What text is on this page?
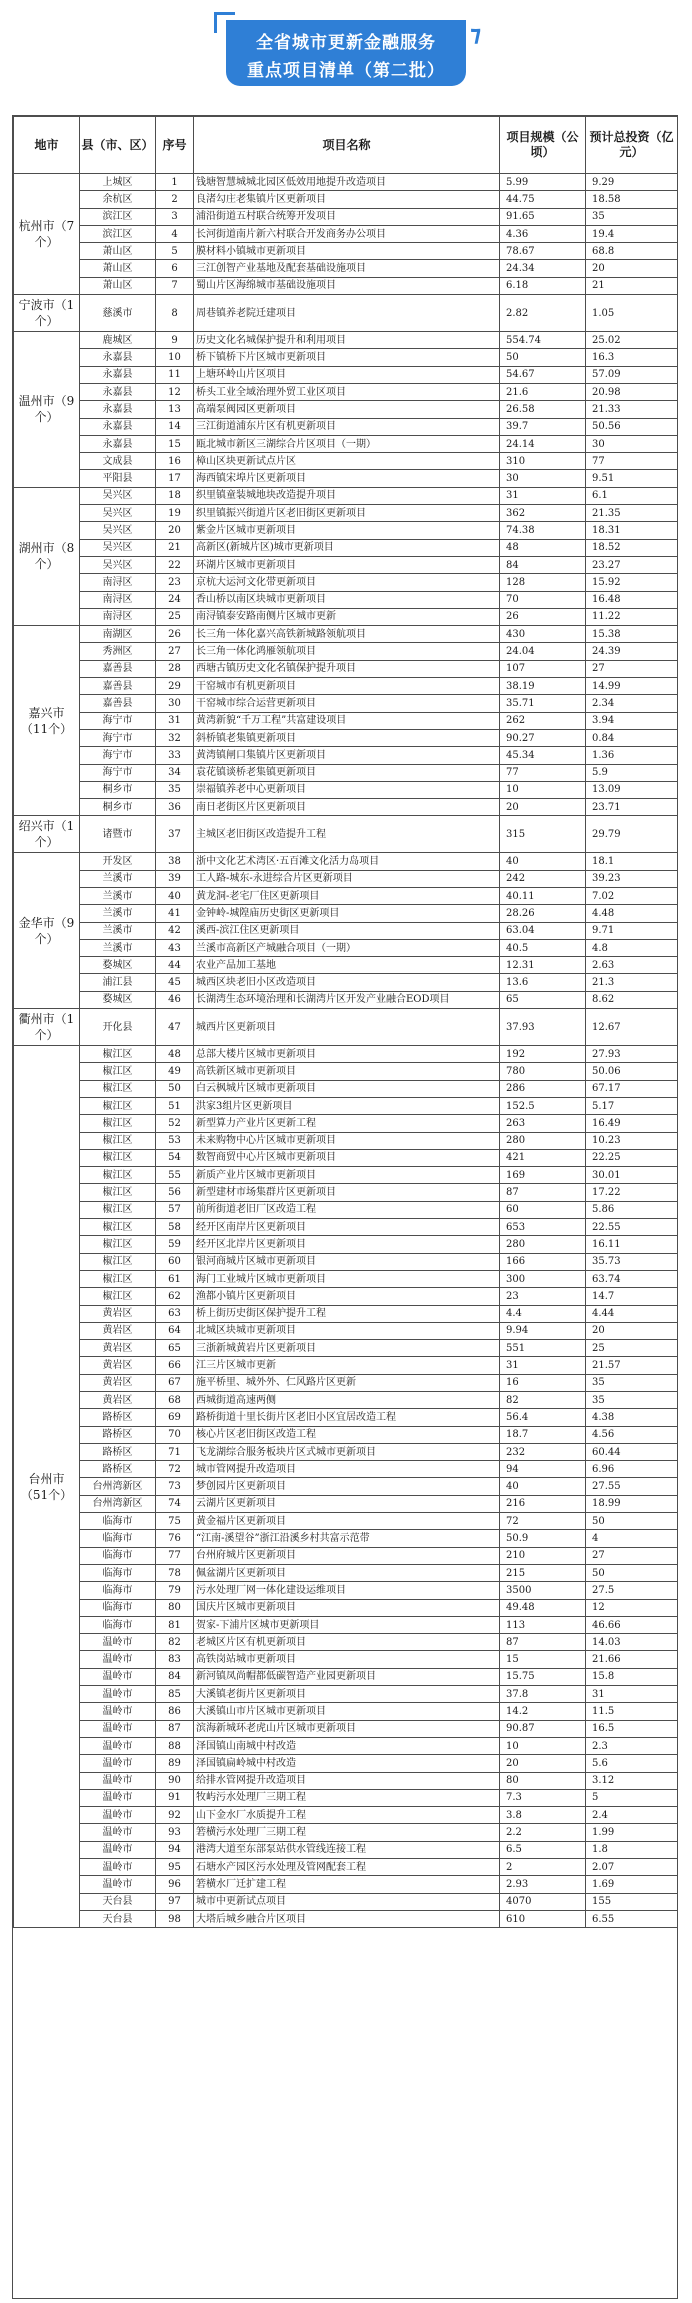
全省城市更新金融服务
重点项目清单（第二批）
⁊
地市	县（市、区）	序号	项目名称	项目规模（公顷）	预计总投资（亿元）
杭州市（7个）	上城区	1	钱塘智慧城城北园区低效用地提升改造项目	5.99	9.29
	余杭区	2	良渚勾庄老集镇片区更新项目	44.75	18.58
	滨江区	3	浦沿街道五村联合统筹开发项目	91.65	35
	滨江区	4	长河街道南片新六村联合开发商务办公项目	4.36	19.4
	萧山区	5	膜材料小镇城市更新项目	78.67	68.8
	萧山区	6	三江创智产业基地及配套基础设施项目	24.34	20
	萧山区	7	蜀山片区海绵城市基础设施项目	6.18	21
宁波市（1个）	慈溪市	8	周巷镇养老院迁建项目	2.82	1.05
温州市（9个）	鹿城区	9	历史文化名城保护提升和利用项目	554.74	25.02
	永嘉县	10	桥下镇桥下片区城市更新项目	50	16.3
	永嘉县	11	上塘环岭山片区项目	54.67	57.09
	永嘉县	12	桥头工业全域治理外贸工业区项目	21.6	20.98
	永嘉县	13	高端泵阀园区更新项目	26.58	21.33
	永嘉县	14	三江街道浦东片区有机更新项目	39.7	50.56
	永嘉县	15	瓯北城市新区三湖综合片区项目（一期）	24.14	30
	文成县	16	樟山区块更新试点片区	310	77
	平阳县	17	海西镇宋埠片区更新项目	30	9.51
湖州市（8个）	吴兴区	18	织里镇童装城地块改造提升项目	31	6.1
	吴兴区	19	织里镇振兴街道片区老旧街区更新项目	362	21.35
	吴兴区	20	紫金片区城市更新项目	74.38	18.31
	吴兴区	21	高新区(新城片区)城市更新项目	48	18.52
	吴兴区	22	环湖片区城市更新项目	84	23.27
	南浔区	23	京杭大运河文化带更新项目	128	15.92
	南浔区	24	香山桥以南区块城市更新项目	70	16.48
	南浔区	25	南浔镇泰安路南侧片区城市更新	26	11.22
嘉兴市（11个）	南湖区	26	长三角一体化嘉兴高铁新城路领航项目	430	15.38
	秀洲区	27	长三角一体化鸿雁领航项目	24.04	24.39
	嘉善县	28	西塘古镇历史文化名镇保护提升项目	107	27
	嘉善县	29	干窑城市有机更新项目	38.19	14.99
	嘉善县	30	干窑城市综合运营更新项目	35.71	2.34
	海宁市	31	黄湾新貌“千万工程”共富建设项目	262	3.94
	海宁市	32	斜桥镇老集镇更新项目	90.27	0.84
	海宁市	33	黄湾镇闸口集镇片区更新项目	45.34	1.36
	海宁市	34	袁花镇谈桥老集镇更新项目	77	5.9
	桐乡市	35	崇福镇养老中心更新项目	10	13.09
	桐乡市	36	南日老街区片区更新项目	20	23.71
绍兴市（1个）	诸暨市	37	主城区老旧街区改造提升工程	315	29.79
金华市（9个）	开发区	38	浙中文化艺术湾区·五百滩文化活力岛项目	40	18.1
	兰溪市	39	工人路-城东-永进综合片区更新项目	242	39.23
	兰溪市	40	黄龙洞-老宅厂住区更新项目	40.11	7.02
	兰溪市	41	金钟岭-城隍庙历史街区更新项目	28.26	4.48
	兰溪市	42	溪西-滨江住区更新项目	63.04	9.71
	兰溪市	43	兰溪市高新区产城融合项目（一期）	40.5	4.8
	婺城区	44	农业产品加工基地	12.31	2.63
	浦江县	45	城西区块老旧小区改造项目	13.6	21.3
	婺城区	46	长湖湾生态环境治理和长湖湾片区开发产业融合EOD项目	65	8.62
衢州市（1个）	开化县	47	城西片区更新项目	37.93	12.67
台州市（51个）	椒江区	48	总部大楼片区城市更新项目	192	27.93
	椒江区	49	高铁新区城市更新项目	780	50.06
	椒江区	50	白云枫城片区城市更新项目	286	67.17
	椒江区	51	洪家3组片区更新项目	152.5	5.17
	椒江区	52	新型算力产业片区更新工程	263	16.49
	椒江区	53	未来购物中心片区城市更新项目	280	10.23
	椒江区	54	数智商贸中心片区城市更新项目	421	22.25
	椒江区	55	新质产业片区城市更新项目	169	30.01
	椒江区	56	新型建材市场集群片区更新项目	87	17.22
	椒江区	57	前所街道老旧厂区改造工程	60	5.86
	椒江区	58	经开区南岸片区更新项目	653	22.55
	椒江区	59	经开区北岸片区更新项目	280	16.11
	椒江区	60	银河商城片区城市更新项目	166	35.73
	椒江区	61	海门工业城片区城市更新项目	300	63.74
	椒江区	62	渔都小镇片区更新项目	23	14.7
	黄岩区	63	桥上街历史街区保护提升工程	4.4	4.44
	黄岩区	64	北城区块城市更新项目	9.94	20
	黄岩区	65	三浙新城黄岩片区更新项目	551	25
	黄岩区	66	江三片区城市更新	31	21.57
	黄岩区	67	施平桥里、城外外、仁风路片区更新	16	35
	黄岩区	68	西城街道高速两侧	82	35
	路桥区	69	路桥街道十里长街片区老旧小区宜居改造工程	56.4	4.38
	路桥区	70	核心片区老旧街区改造工程	18.7	4.56
	路桥区	71	飞龙湖综合服务板块片区式城市更新项目	232	60.44
	路桥区	72	城市管网提升改造项目	94	6.96
	台州湾新区	73	梦创园片区更新项目	40	27.55
	台州湾新区	74	云湖片区更新项目	216	18.99
	临海市	75	黄金福片区更新项目	72	50
	临海市	76	“江南-溪望谷”浙江沿溪乡村共富示范带	50.9	4
	临海市	77	台州府城片区更新项目	210	27
	临海市	78	佩盆湖片区更新项目	215	50
	临海市	79	污水处理厂网一体化建设运维项目	3500	27.5
	临海市	80	国庆片区城市更新项目	49.48	12
	临海市	81	贺家-下浦片区城市更新项目	113	46.66
	温岭市	82	老城区片区有机更新项目	87	14.03
	温岭市	83	高铁岗站城市更新项目	15	21.66
	温岭市	84	新河镇凤尚帽都低碳智造产业园更新项目	15.75	15.8
	温岭市	85	大溪镇老街片区更新项目	37.8	31
	温岭市	86	大溪镇山市片区城市更新项目	14.2	11.5
	温岭市	87	滨海新城环老虎山片区城市更新项目	90.87	16.5
	温岭市	88	泽国镇山南城中村改造	10	2.3
	温岭市	89	泽国镇扁岭城中村改造	20	5.6
	温岭市	90	给排水管网提升改造项目	80	3.12
	温岭市	91	牧屿污水处理厂三期工程	7.3	5
	温岭市	92	山下金水厂水质提升工程	3.8	2.4
	温岭市	93	箬横污水处理厂三期工程	2.2	1.99
	温岭市	94	港湾大道至东部泵站供水管线连接工程	6.5	1.8
	温岭市	95	石塘水产园区污水处理及管网配套工程	2	2.07
	温岭市	96	箬横水厂迁扩建工程	2.93	1.69
	天台县	97	城市中更新试点项目	4070	155
	天台县	98	大塔后城乡融合片区项目	610	6.55
